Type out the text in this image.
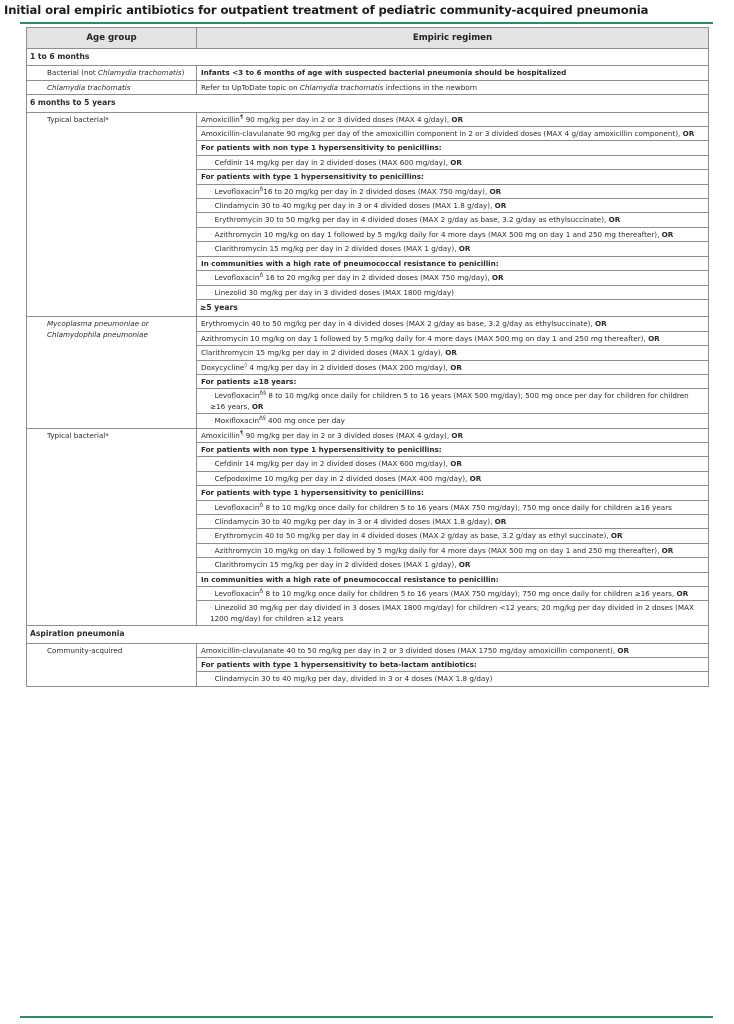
Initial oral empiric antibiotics for outpatient treatment of pediatric community-acquired pneumonia
Age group	Empiric regimen
1 to 6 months	
Bacterial (not Chlamydia trachomatis)	Infants <3 to 6 months of age with suspected bacterial pneumonia should be hospitalized
Chlamydia trachomatis	Refer to UpToDate topic on Chlamydia trachomatis infections in the newborn
6 months to 5 years	
Typical bacterial*	Amoxicillin¶ 90 mg/kg per day in 2 or 3 divided doses (MAX 4 g/day), OR
	Amoxicillin-clavulanate 90 mg/kg per day of the amoxicillin component in 2 or 3 divided doses (MAX 4 g/day amoxicillin component), OR
	For patients with non type 1 hypersensitivity to penicillins:
	· Cefdinir 14 mg/kg per day in 2 divided doses (MAX 600 mg/day), OR
	For patients with type 1 hypersensitivity to penicillins:
	· Levofloxacin$^\Delta$16 to 20 mg/kg per day in 2 divided doses (MAX 750 mg/day), OR
	· Clindamycin 30 to 40 mg/kg per day in 3 or 4 divided doses (MAX 1.8 g/day), OR
	· Erythromycin 30 to 50 mg/kg per day in 4 divided doses (MAX 2 g/day as base, 3.2 g/day as ethylsuccinate), OR
	· Azithromycin 10 mg/kg on day 1 followed by 5 mg/kg daily for 4 more days (MAX 500 mg on day 1 and 250 mg thereafter), OR
	· Clarithromycin 15 mg/kg per day in 2 divided doses (MAX 1 g/day), OR
	In communities with a high rate of pneumococcal resistance to penicillin:
	· Levofloxacin$^\Delta$ 16 to 20 mg/kg per day in 2 divided doses (MAX 750 mg/day), OR
	· Linezolid 30 mg/kg per day in 3 divided doses (MAX 1800 mg/day)
	≥5 years
Mycoplasma pneumoniae or Chlamydophila pneumoniae	Erythromycin 40 to 50 mg/kg per day in 4 divided doses (MAX 2 g/day as base, 3.2 g/day as ethylsuccinate), OR
	Azithromycin 10 mg/kg on day 1 followed by 5 mg/kg daily for 4 more days (MAX 500 mg on day 1 and 250 mg thereafter), OR
	Clarithromycin 15 mg/kg per day in 2 divided doses (MAX 1 g/day), OR
	Doxycycline◊ 4 mg/kg per day in 2 divided doses (MAX 200 mg/day), OR
	For patients ≥18 years:
	· Levofloxacin$^{\Delta\S}$ 8 to 10 mg/kg once daily for children 5 to 16 years (MAX 500 mg/day); 500 mg once per day for children for children ≥16 years, OR
	· Moxifloxacin$^{\Delta\S}$ 400 mg once per day
Typical bacterial*	Amoxicillin¶ 90 mg/kg per day in 2 or 3 divided doses (MAX 4 g/day), OR
	For patients with non type 1 hypersensitivity to penicillins:
	· Cefdinir 14 mg/kg per day in 2 divided doses (MAX 600 mg/day), OR
	· Cefpodoxime 10 mg/kg per day in 2 divided doses (MAX 400 mg/day), OR
	For patients with type 1 hypersensitivity to penicillins:
	· Levofloxacin$^\Delta$ 8 to 10 mg/kg once daily for children 5 to 16 years (MAX 750 mg/day); 750 mg once daily for children ≥16 years
	· Clindamycin 30 to 40 mg/kg per day in 3 or 4 divided doses (MAX 1.8 g/day), OR
	· Erythromycin 40 to 50 mg/kg per day in 4 divided doses (MAX 2 g/day as base, 3.2 g/day as ethyl succinate), OR
	· Azithromycin 10 mg/kg on day 1 followed by 5 mg/kg daily for 4 more days (MAX 500 mg on day 1 and 250 mg thereafter), OR
	· Clarithromycin 15 mg/kg per day in 2 divided doses (MAX 1 g/day), OR
	In communities with a high rate of pneumococcal resistance to penicillin:
	· Levofloxacin$^\Delta$ 8 to 10 mg/kg once daily for children 5 to 16 years (MAX 750 mg/day); 750 mg once daily for children ≥16 years, OR
	· Linezolid 30 mg/kg per day divided in 3 doses (MAX 1800 mg/day) for children <12 years; 20 mg/kg per day divided in 2 doses (MAX 1200 mg/day) for children ≥12 years
Aspiration pneumonia	
Community-acquired	Amoxicillin-clavulanate 40 to 50 mg/kg per day in 2 or 3 divided doses (MAX 1750 mg/day amoxicillin component), OR
	For patients with type 1 hypersensitivity to beta-lactam antibiotics:
	· Clindamycin 30 to 40 mg/kg per day, divided in 3 or 4 doses (MAX 1.8 g/day)
